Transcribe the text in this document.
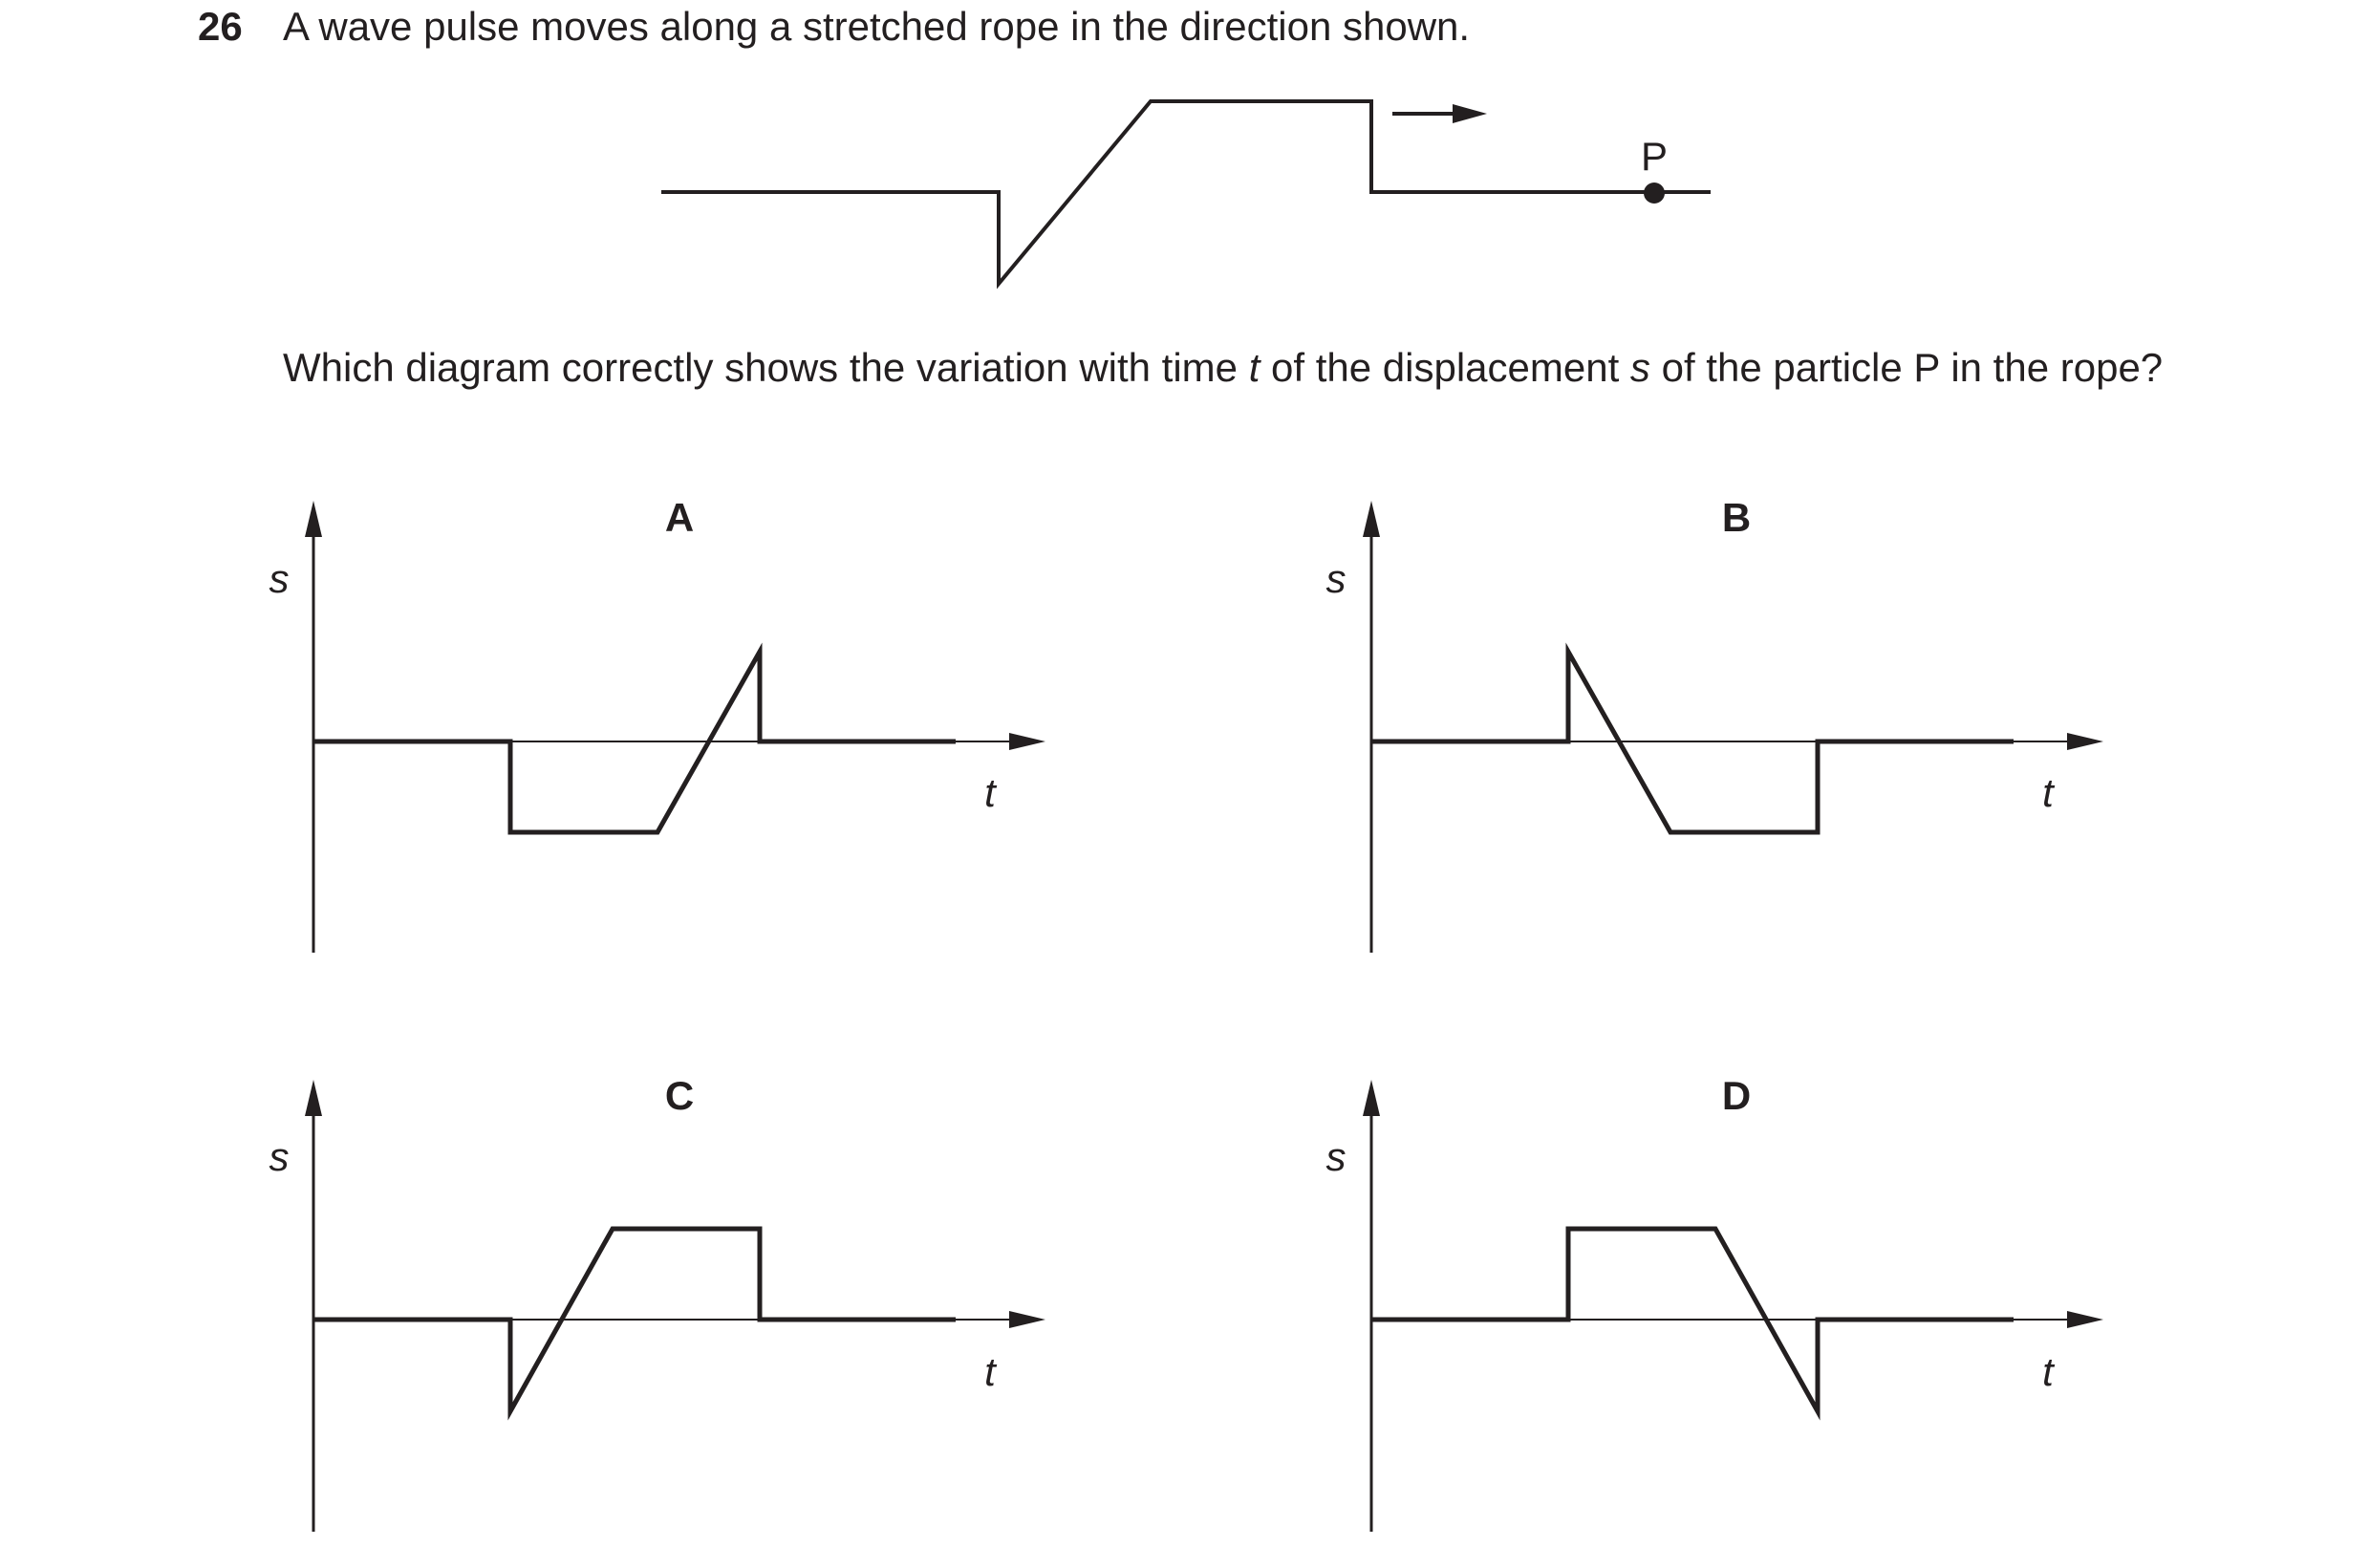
26 A wave pulse moves along a stretched rope in the direction shown.
Which diagram correctly shows the variation with time t of the displacement s of the particle P in the rope?
P
A
s
t
B
s
t
C
s
t
D
s
t
